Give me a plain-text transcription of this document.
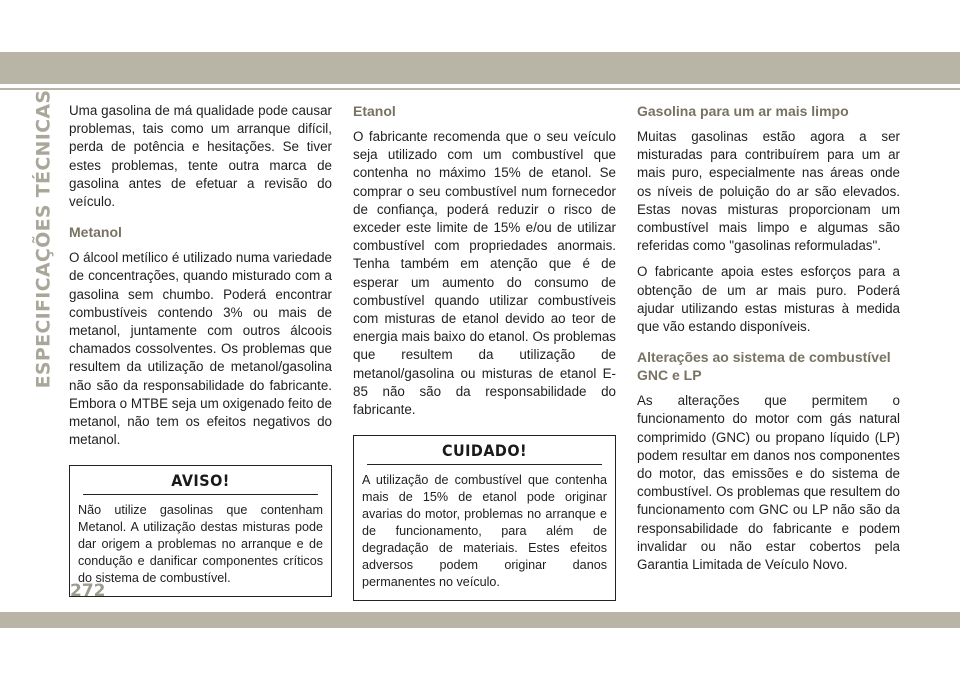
ESPECIFICAÇÕES TÉCNICAS Uma gasolina de má qualidade pode causar problemas, tais como um arranque difícil, perda de potência e hesitações. Se tiver estes problemas, tente outra marca de gasolina antes de efetuar a revisão do veículo.

Metanol

O álcool metílico é utilizado numa variedade de concentrações, quando misturado com a gasolina sem chumbo. Poderá encontrar combustíveis contendo 3% ou mais de metanol, juntamente com outros álcoois chamados cossolventes. Os problemas que resultem da utilização de metanol/gasolina não são da responsabilidade do fabricante. Embora o MTBE seja um oxigenado feito de metanol, não tem os efeitos negativos do metanol.

AVISO!
Não utilize gasolinas que contenham Metanol. A utilização destas misturas pode dar origem a problemas no arranque e de condução e danificar componentes críticos do sistema de combustível.
Etanol

O fabricante recomenda que o seu veículo seja utilizado com um combustível que contenha no máximo 15% de etanol. Se comprar o seu combustível num fornecedor de confiança, poderá reduzir o risco de exceder este limite de 15% e/ou de utilizar combustível com propriedades anormais. Tenha também em atenção que é de esperar um aumento do consumo de combustível quando utilizar combustíveis com misturas de etanol devido ao teor de energia mais baixo do etanol. Os problemas que resultem da utilização de metanol/gasolina ou misturas de etanol E-85 não são da responsabilidade do fabricante.

CUIDADO!
A utilização de combustível que contenha mais de 15% de etanol pode originar avarias do motor, problemas no arranque e de funcionamento, para além de degradação de materiais. Estes efeitos adversos podem originar danos permanentes no veículo.
Gasolina para um ar mais limpo

Muitas gasolinas estão agora a ser misturadas para contribuírem para um ar mais puro, especialmente nas áreas onde os níveis de poluição do ar são elevados. Estas novas misturas proporcionam um combustível mais limpo e algumas são referidas como "gasolinas reformuladas".

O fabricante apoia estes esforços para a obtenção de um ar mais puro. Poderá ajudar utilizando estas misturas à medida que vão estando disponíveis.

Alterações ao sistema de combustível GNC e LP

As alterações que permitem o funcionamento do motor com gás natural comprimido (GNC) ou propano líquido (LP) podem resultar em danos nos componentes do motor, das emissões e do sistema de combustível. Os problemas que resultem do funcionamento com GNC ou LP não são da responsabilidade do fabricante e podem invalidar ou não estar cobertos pela Garantia Limitada de Veículo Novo.

272
